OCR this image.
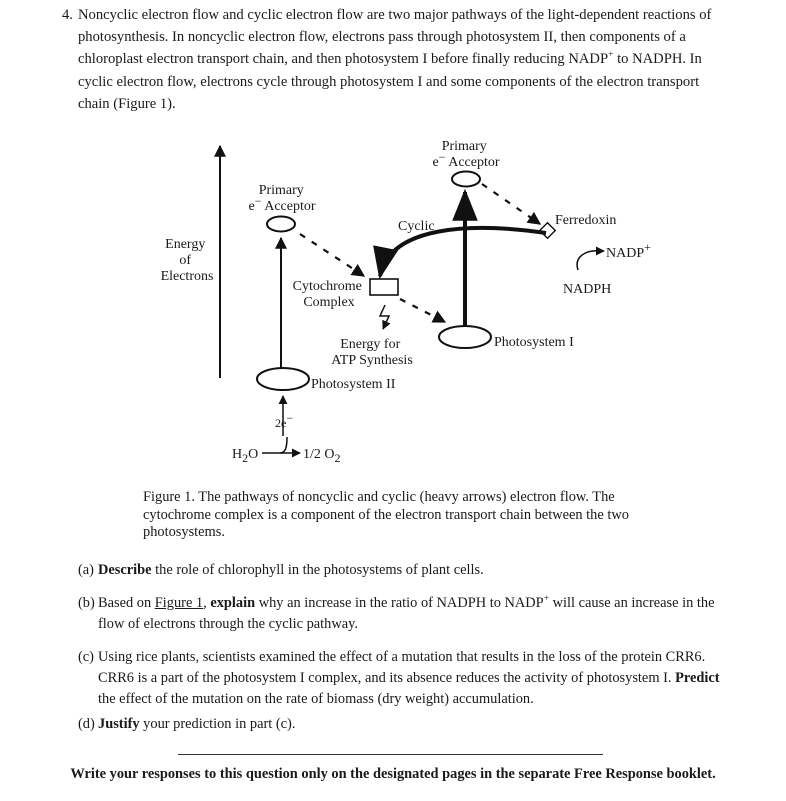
4. Noncyclic electron flow and cyclic electron flow are two major pathways of the light-dependent reactions of photosynthesis. In noncyclic electron flow, electrons pass through photosystem II, then components of a chloroplast electron transport chain, and then photosystem I before finally reducing NADP+ to NADPH. In cyclic electron flow, electrons cycle through photosystem I and some components of the electron transport chain (Figure 1).
Energy of Electrons
Primary e− Acceptor
Primary e− Acceptor
Photosystem II
Photosystem I
Cytochrome Complex
Energy for ATP Synthesis
Ferredoxin
Cyclic
NADP+
NADPH
2e−
H2O	1/2 O2
Figure 1. The pathways of noncyclic and cyclic (heavy arrows) electron flow. The cytochrome complex is a component of the electron transport chain between the two photosystems.
(a) Describe the role of chlorophyll in the photosystems of plant cells.
(b) Based on Figure 1, explain why an increase in the ratio of NADPH to NADP+ will cause an increase in the flow of electrons through the cyclic pathway.
(c) Using rice plants, scientists examined the effect of a mutation that results in the loss of the protein CRR6. CRR6 is a part of the photosystem I complex, and its absence reduces the activity of photosystem I. Predict the effect of the mutation on the rate of biomass (dry weight) accumulation.
(d) Justify your prediction in part (c).
Write your responses to this question only on the designated pages in the separate Free Response booklet.
